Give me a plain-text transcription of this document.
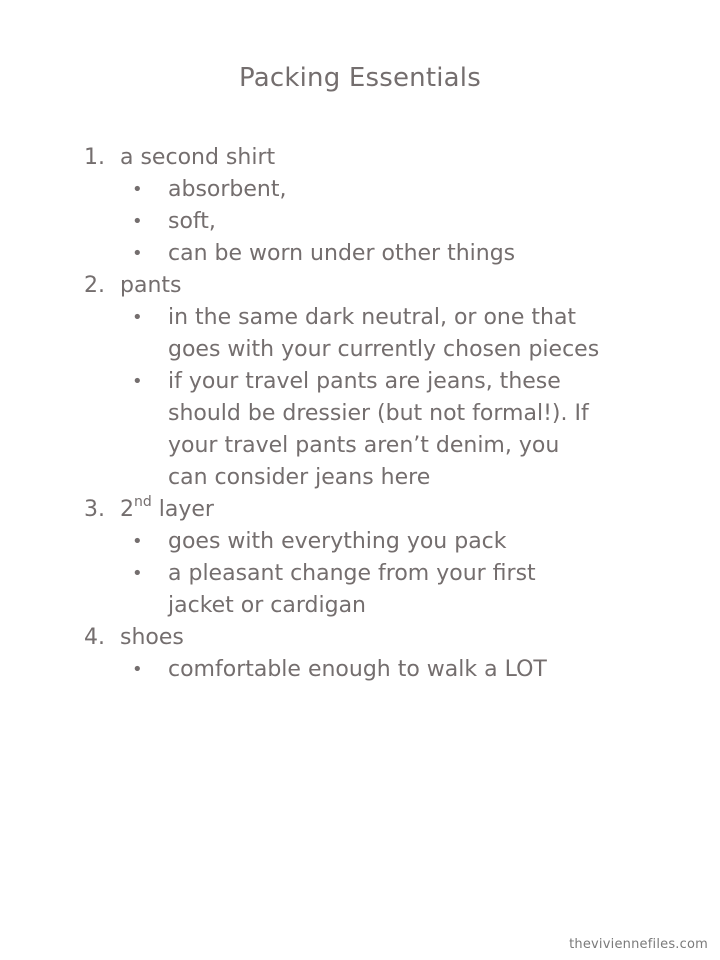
Packing Essentials
1. a second shirt
• absorbent,
• soft,
• can be worn under other things
2. pants
• in the same dark neutral, or one that
goes with your currently chosen pieces
• if your travel pants are jeans, these
should be dressier (but not formal!). If
your travel pants aren’t denim, you
can consider jeans here
3. 2nd layer
• goes with everything you pack
• a pleasant change from your first
jacket or cardigan
4. shoes
• comfortable enough to walk a LOT
theviviennefiles.com
